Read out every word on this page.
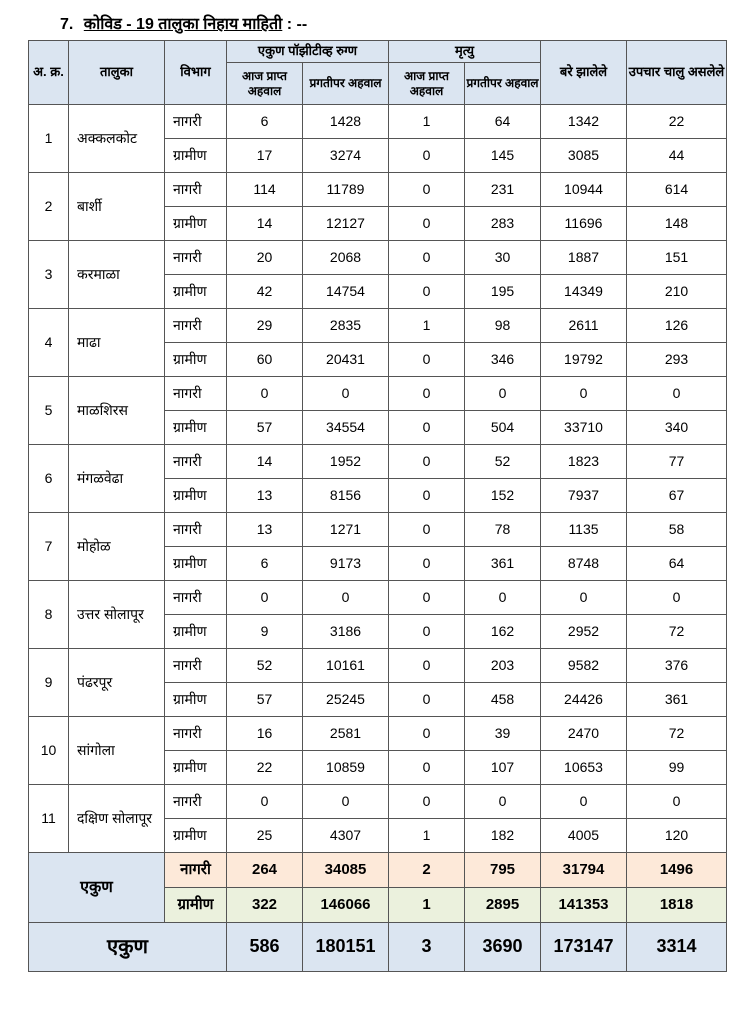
7. कोविड - 19 तालुका निहाय माहिती : --
अ. क्र.	तालुका	विभाग	एकुण पॉझीटीव्ह रुग्ण		मृत्यु		बरे झालेले	उपचार चालु असलेले
			आज प्राप्त अहवाल	प्रगतीपर अहवाल	आज प्राप्त अहवाल	प्रगतीपर अहवाल		
1	अक्कलकोट	नागरी	6	1428	1	64	1342	22
		ग्रामीण	17	3274	0	145	3085	44
2	बार्शी	नागरी	114	11789	0	231	10944	614
		ग्रामीण	14	12127	0	283	11696	148
3	करमाळा	नागरी	20	2068	0	30	1887	151
		ग्रामीण	42	14754	0	195	14349	210
4	माढा	नागरी	29	2835	1	98	2611	126
		ग्रामीण	60	20431	0	346	19792	293
5	माळशिरस	नागरी	0	0	0	0	0	0
		ग्रामीण	57	34554	0	504	33710	340
6	मंगळवेढा	नागरी	14	1952	0	52	1823	77
		ग्रामीण	13	8156	0	152	7937	67
7	मोहोळ	नागरी	13	1271	0	78	1135	58
		ग्रामीण	6	9173	0	361	8748	64
8	उत्तर सोलापूर	नागरी	0	0	0	0	0	0
		ग्रामीण	9	3186	0	162	2952	72
9	पंढरपूर	नागरी	52	10161	0	203	9582	376
		ग्रामीण	57	25245	0	458	24426	361
10	सांगोला	नागरी	16	2581	0	39	2470	72
		ग्रामीण	22	10859	0	107	10653	99
11	दक्षिण सोलापूर	नागरी	0	0	0	0	0	0
		ग्रामीण	25	4307	1	182	4005	120
एकुण		नागरी	264	34085	2	795	31794	1496
		ग्रामीण	322	146066	1	2895	141353	1818
एकुण			586	180151	3	3690	173147	3314
